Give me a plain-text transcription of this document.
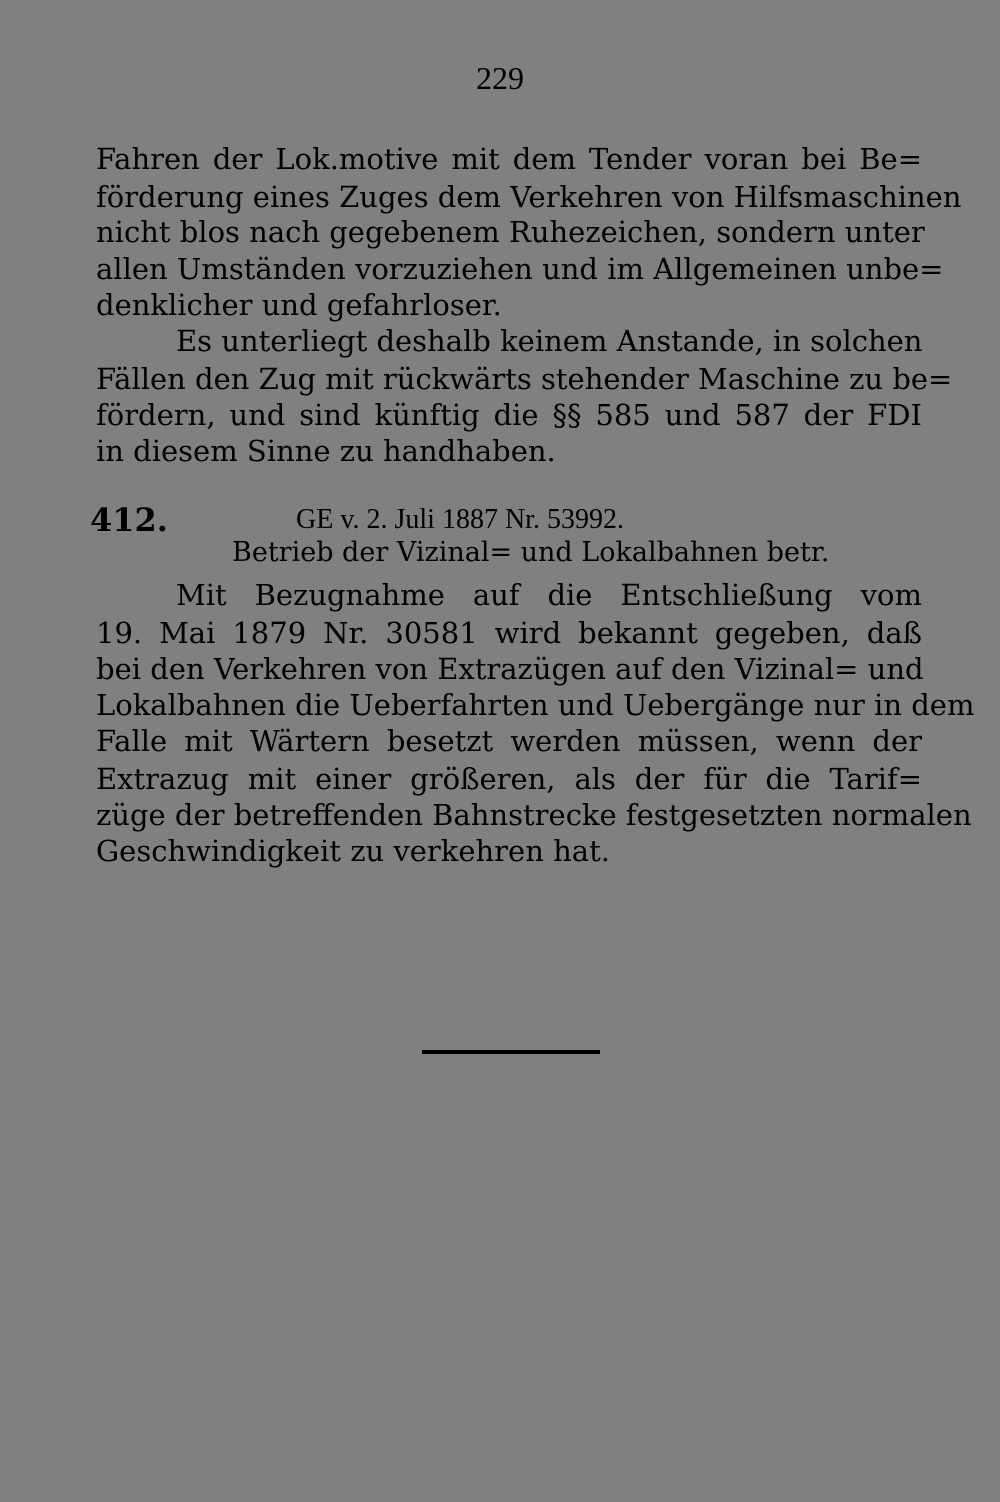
229
Fahren der Lok.motive mit dem Tender voran bei Be=
förderung eines Zuges dem Verkehren von Hilfsmaschinen
nicht blos nach gegebenem Ruhezeichen, sondern unter
allen Umständen vorzuziehen und im Allgemeinen unbe=
denklicher und gefahrloser.
Es unterliegt deshalb keinem Anstande, in solchen
Fällen den Zug mit rückwärts stehender Maschine zu be=
fördern, und sind künftig die §§ 585 und 587 der FDI
in diesem Sinne zu handhaben.
412.	GE v. 2. Juli 1887 Nr. 53992.
Betrieb der Vizinal= und Lokalbahnen betr.
Mit Bezugnahme auf die Entschließung vom
19. Mai 1879 Nr. 30581 wird bekannt gegeben, daß
bei den Verkehren von Extrazügen auf den Vizinal= und
Lokalbahnen die Ueberfahrten und Uebergänge nur in dem
Falle mit Wärtern besetzt werden müssen, wenn der
Extrazug mit einer größeren, als der für die Tarif=
züge der betreffenden Bahnstrecke festgesetzten normalen
Geschwindigkeit zu verkehren hat.
